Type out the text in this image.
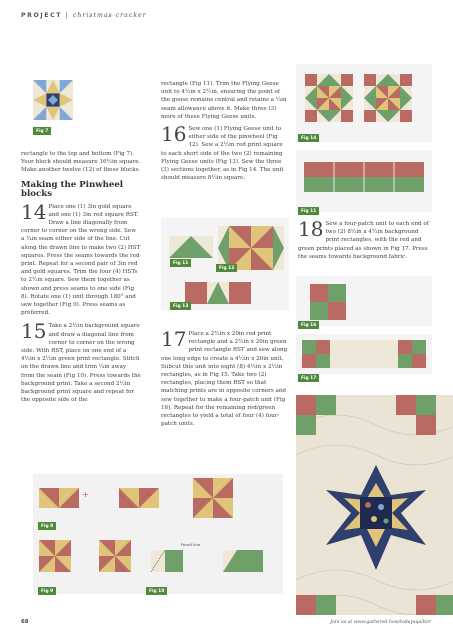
PROJECT | christmas cracker
Fig 7

rectangle to the top and bottom (Fig 7). Your block should measure 16½in square. Make another twelve (12) of these blocks.

Making the Pinwheel blocks

14 Place one (1) 3in gold square and one (1) 3in red square RST. Draw a line diagonally from corner to corner on the wrong side. Sew a ¼in seam either side of the line. Cut along the drawn line to make two (2) HST squares. Press the seams towards the red print. Repeat for a second pair of 3in red and gold squares. Trim the four (4) HSTs to 2½in square. Sew them together as shown and press seams to one side (Fig 8). Rotate one (1) unit through 180° and sew together (Fig 9). Press seams as preferred.

15 Take a 2½in background square and draw a diagonal line from corner to corner on the wrong side. With RST, place on one end of a 4½in x 2½in green print rectangle. Stitch on the drawn line and trim ¼in away from the seam (Fig 10). Press towards the background print. Take a second 2½in background print square and repeat for the opposite side of the

rectangle (Fig 11). Trim the Flying Geese unit to 4½in x 2½in, ensuring the point of the goose remains central and retains a ¼in seam allowance above it. Make three (3) more of these Flying Geese units.

16 Sew one (1) Flying Geese unit to either side of the pinwheel (Fig 12). Sew a 2½in red print square to each short side of the two (2) remaining Flying Geese units (Fig 13). Sew the three (3) sections together, as in Fig 14. The unit should measure 8½in square.

Fig 11
Fig 12
Fig 13

17 Place a 2½in x 20in red print rectangle and a 2½in x 20in green print rectangle RST and sew along one long edge to create a 4½in x 20in unit. Subcut this unit into eight (8) 4½in x 2½in rectangles, as in Fig 15. Take two (2) rectangles, placing them RST so that matching prints are in opposite corners and sew together to make a four-patch unit (Fig 16). Repeat for the remaining red/green rectangles to yield a total of four (4) four-patch units.

Fig 14
Fig 11

18 Sew a four-patch unit to each end of two (2) 8½in x 4½in background print rectangles, with the red and green prints placed as shown in Fig 17. Press the seams towards background fabric.

Fig 16
Fig 17
Pencil line
+	=
Fig 8
Fig 9	Fig 10
68	Join us at www.gathered.how/todaysquilter
